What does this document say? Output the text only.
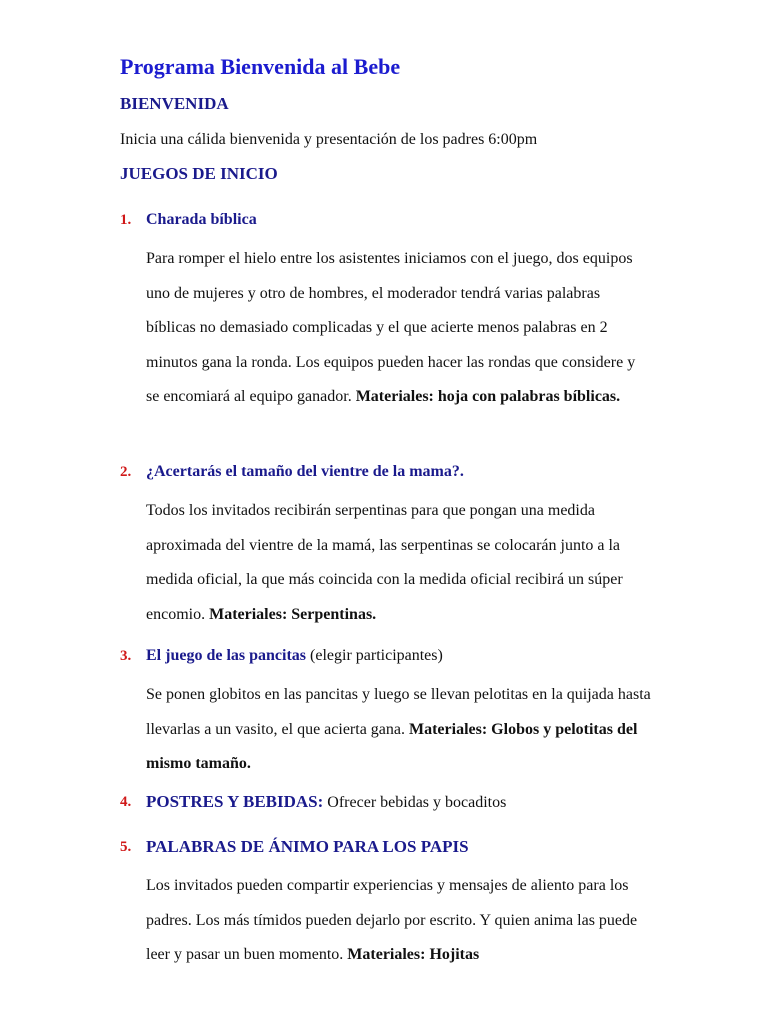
Programa Bienvenida al Bebe
BIENVENIDA
Inicia una cálida bienvenida y presentación de los padres 6:00pm
JUEGOS DE INICIO
1. Charada bíblica
Para romper el hielo entre los asistentes iniciamos con el juego, dos equipos uno de mujeres y otro de hombres, el moderador tendrá varias palabras bíblicas no demasiado complicadas y el que acierte menos palabras en 2 minutos gana la ronda. Los equipos pueden hacer las rondas que considere y se encomiará al equipo ganador. Materiales: hoja con palabras bíblicas.
2. ¿Acertarás el tamaño del vientre de la mama?.
Todos los invitados recibirán serpentinas para que pongan una medida aproximada del vientre de la mamá, las serpentinas se colocarán junto a la medida oficial, la que más coincida con la medida oficial recibirá un súper encomio. Materiales: Serpentinas.
3. El juego de las pancitas (elegir participantes)
Se ponen globitos en las pancitas y luego se llevan pelotitas en la quijada hasta llevarlas a un vasito, el que acierta gana. Materiales: Globos y pelotitas del mismo tamaño.
4. POSTRES Y BEBIDAS: Ofrecer bebidas y bocaditos
5. PALABRAS DE ÁNIMO PARA LOS PAPIS
Los invitados pueden compartir experiencias y mensajes de aliento para los padres. Los más tímidos pueden dejarlo por escrito. Y quien anima las puede leer y pasar un buen momento. Materiales: Hojitas
